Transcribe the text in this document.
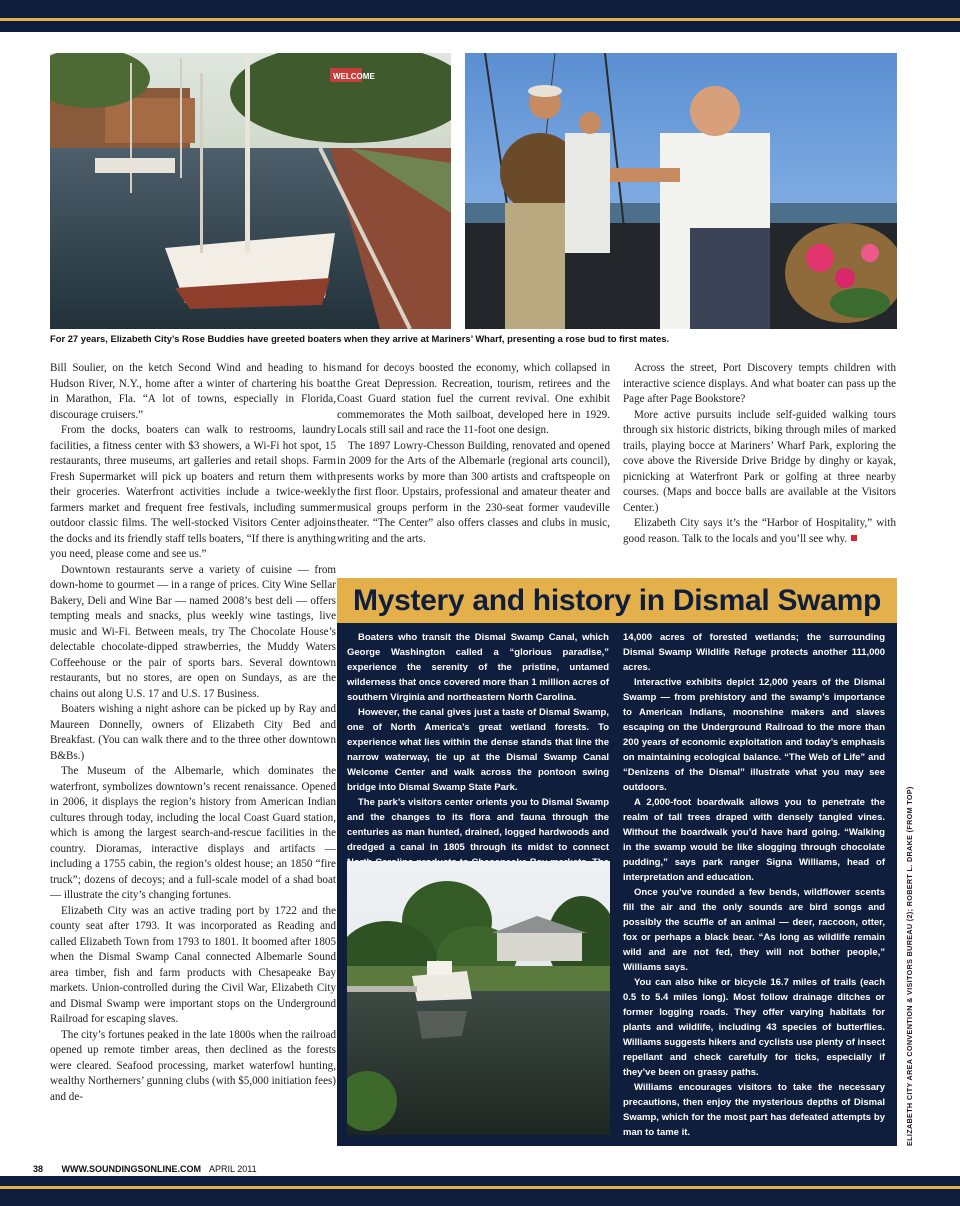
WELCOME
For 27 years, Elizabeth City’s Rose Buddies have greeted boaters when they arrive at Mariners’ Wharf, presenting a rose bud to first mates.

Bill Soulier, on the ketch Second Wind and heading to his Hudson River, N.Y., home after a winter of chartering his boat in Marathon, Fla. “A lot of towns, especially in Florida, discourage cruisers.”

From the docks, boaters can walk to restrooms, laundry facilities, a fitness center with $3 showers, a Wi-Fi hot spot, 15 restaurants, three museums, art galleries and retail shops. Farm Fresh Supermarket will pick up boaters and return them with their groceries. Waterfront activities include a twice-weekly farmers market and frequent free festivals, including summer outdoor classic films. The well-stocked Visitors Center adjoins the docks and its friendly staff tells boaters, “If there is anything you need, please come and see us.”

Downtown restaurants serve a variety of cuisine — from down-home to gourmet — in a range of prices. City Wine Sellar Bakery, Deli and Wine Bar — named 2008’s best deli — offers tempting meals and snacks, plus weekly wine tastings, live music and Wi-Fi. Between meals, try The Chocolate House’s delectable chocolate-dipped strawberries, the Muddy Waters Coffeehouse or the pair of sports bars. Several downtown restaurants, but no stores, are open on Sundays, as are the chains out along U.S. 17 and U.S. 17 Business.

Boaters wishing a night ashore can be picked up by Ray and Maureen Donnelly, owners of Elizabeth City Bed and Breakfast. (You can walk there and to the three other downtown B&Bs.)

The Museum of the Albemarle, which dominates the waterfront, symbolizes downtown’s recent renaissance. Opened in 2006, it displays the region’s history from American Indian cultures through today, including the local Coast Guard station, which is among the largest search-and-rescue facilities in the country. Dioramas, interactive displays and artifacts — including a 1755 cabin, the region’s oldest house; an 1850 “fire truck”; dozens of decoys; and a full-scale model of a shad boat — illustrate the city’s changing fortunes.

Elizabeth City was an active trading port by 1722 and the county seat after 1793. It was incorporated as Reading and called Elizabeth Town from 1793 to 1801. It boomed after 1805 when the Dismal Swamp Canal connected Albemarle Sound area timber, fish and farm products with Chesapeake Bay markets. Union-controlled during the Civil War, Elizabeth City and Dismal Swamp were important stops on the Underground Railroad for escaping slaves.

The city’s fortunes peaked in the late 1800s when the railroad opened up remote timber areas, then declined as the forests were cleared. Seafood processing, market waterfowl hunting, wealthy Northerners’ gunning clubs (with $5,000 initiation fees) and de-

mand for decoys boosted the economy, which collapsed in the Great Depression. Recreation, tourism, retirees and the Coast Guard station fuel the current revival. One exhibit commemorates the Moth sailboat, developed here in 1929. Locals still sail and race the 11-foot one design.

The 1897 Lowry-Chesson Building, renovated and opened in 2009 for the Arts of the Albemarle (regional arts council), presents works by more than 300 artists and craftspeople on the first floor. Upstairs, professional and amateur theater and musical groups perform in the 230-seat former vaudeville theater. “The Center” also offers classes and clubs in music, writing and the arts.

Across the street, Port Discovery tempts children with interactive science displays. And what boater can pass up the Page after Page Bookstore?

More active pursuits include self-guided walking tours through six historic districts, biking through miles of marked trails, playing bocce at Mariners’ Wharf Park, exploring the cove above the Riverside Drive Bridge by dinghy or kayak, picnicking at Waterfront Park or golfing at three nearby courses. (Maps and bocce balls are available at the Visitors Center.)

Elizabeth City says it’s the “Harbor of Hospitality,” with good reason. Talk to the locals and you’ll see why.

Mystery and history in Dismal Swamp

Boaters who transit the Dismal Swamp Canal, which George Washington called a “glorious paradise,” experience the serenity of the pristine, untamed wilderness that once covered more than 1 million acres of southern Virginia and northeastern North Carolina.

However, the canal gives just a taste of Dismal Swamp, one of North America’s great wetland forests. To experience what lies within the dense stands that line the narrow waterway, tie up at the Dismal Swamp Canal Welcome Center and walk across the pontoon swing bridge into Dismal Swamp State Park.

The park’s visitors center orients you to Dismal Swamp and the changes to its flora and fauna through the centuries as man hunted, drained, logged hardwoods and dredged a canal in 1805 through its midst to connect

14,000 acres of forested wetlands; the surrounding Dismal Swamp Wildlife Refuge protects another 111,000 acres.

Interactive exhibits depict 12,000 years of the Dismal Swamp — from prehistory and the swamp’s importance to American Indians, moonshine makers and slaves escaping on the Underground Railroad to the more than 200 years of economic exploitation and today’s emphasis on maintaining ecological balance. “The Web of Life” and “Denizens of the Dismal” illustrate what you may see outdoors.

A 2,000-foot boardwalk allows you to penetrate the realm of tall trees draped with densely tangled vines. Without the boardwalk you’d have hard going. “Walking in the swamp would be like slogging through chocolate pudding,” says park ranger Signa Williams, head of interpretation and education.

Once you’ve rounded a few bends, wildflower scents fill the air and the only sounds are bird songs and possibly the scuffle of an animal — deer, raccoon, otter, fox or perhaps a black bear. “As long as wildlife remain wild and are not fed, they will not bother people,” Williams says.

You can also hike or bicycle 16.7 miles of trails (each 0.5 to 5.4 miles long). Most follow drainage ditches or former logging roads. They offer varying habitats for plants and wildlife, including 43 species of butterflies. Williams suggests hikers and cyclists use plenty of insect repellant and check carefully for ticks, especially if they’ve been on grassy paths.

Williams encourages visitors to take the necessary precautions, then enjoy the mysterious depths of Dismal Swamp, which for the most part has defeated attempts by man to tame it.	ELIZABETH CITY AREA CONVENTION & VISITORS BUREAU (2); ROBERT L. DRAKE (FROM TOP)
38 WWW.SOUNDINGSONLINE.COM APRIL 2011
